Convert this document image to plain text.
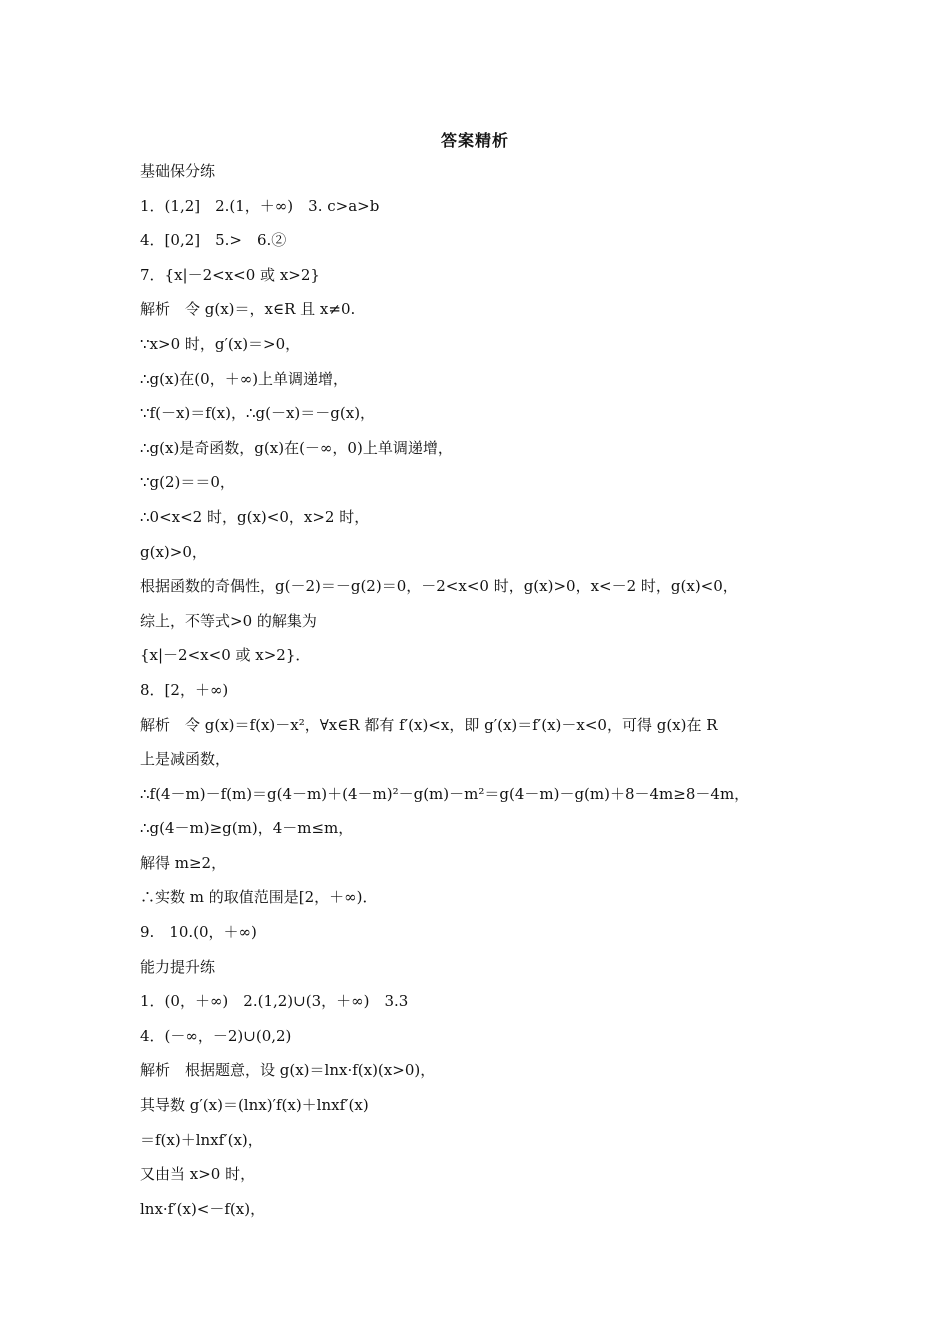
答案精析
基础保分练
1．(1,2]　2.(1，＋∞)　3. c>a>b
4．[0,2]　5.>　6.②
7．{x|－2<x<0 或 x>2}
解析　令 g(x)＝，x∈R 且 x≠0.
∵x>0 时，g′(x)＝>0，
∴g(x)在(0，＋∞)上单调递增，
∵f(－x)＝f(x)，∴g(－x)＝－g(x)，
∴g(x)是奇函数，g(x)在(－∞，0)上单调递增，
∵g(2)＝＝0，
∴0<x<2 时，g(x)<0，x>2 时，
g(x)>0，
根据函数的奇偶性，g(－2)＝－g(2)＝0，－2<x<0 时，g(x)>0，x<－2 时，g(x)<0，
综上，不等式>0 的解集为
{x|－2<x<0 或 x>2}．
8．[2，＋∞)
解析　令 g(x)＝f(x)－x²，∀x∈R 都有 f′(x)<x，即 g′(x)＝f′(x)－x<0，可得 g(x)在 R
上是减函数，
∴f(4－m)－f(m)＝g(4－m)＋(4－m)²－g(m)－m²＝g(4－m)－g(m)＋8－4m≥8－4m，
∴g(4－m)≥g(m)，4－m≤m，
解得 m≥2，
∴实数 m 的取值范围是[2，＋∞)．
9.　10.(0，＋∞)
能力提升练
1．(0，＋∞)　2.(1,2)∪(3，＋∞)　3.3
4．(－∞，－2)∪(0,2)
解析　根据题意，设 g(x)＝lnx·f(x)(x>0)，
其导数 g′(x)＝(lnx)′f(x)＋lnxf′(x)
＝f(x)＋lnxf′(x)，
又由当 x>0 时，
lnx·f′(x)<－f(x)，
